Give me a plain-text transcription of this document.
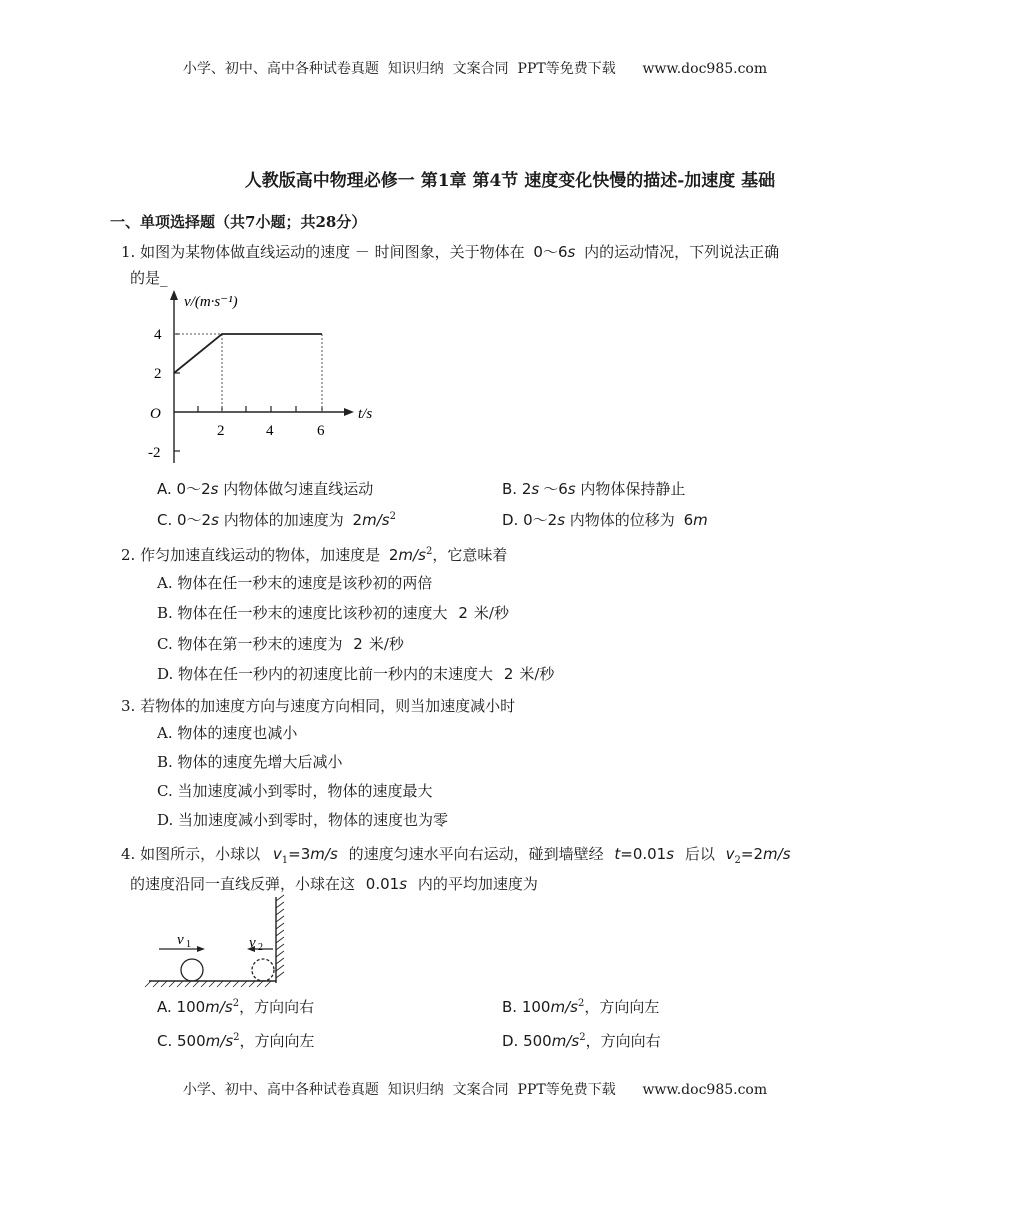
小学、初中、高中各种试卷真题  知识归纳  文案合同  PPT等免费下载      www.doc985.com
人教版高中物理必修一 第1章 第4节 速度变化快慢的描述-加速度 基础
一、单项选择题（共7小题；共28分）
1. 如图为某物体做直线运动的速度 － 时间图象，关于物体在 0～6s 内的运动情况，下列说法正确
的是_
v/(m·s⁻¹)
t/s
O
4
2
-2
2	4	6
A. 0～2s 内物体做匀速直线运动	B. 2s ～6s 内物体保持静止
C. 0～2s 内物体的加速度为 $2m/s^2$	D. 0～2s 内物体的位移为 6m
2. 作匀加速直线运动的物体，加速度是 $2m/s^2$，它意味着
A. 物体在任一秒末的速度是该秒初的两倍
B. 物体在任一秒末的速度比该秒初的速度大 2 米/秒
C. 物体在第一秒末的速度为 2 米/秒
D. 物体在任一秒内的初速度比前一秒内的末速度大 2 米/秒
3. 若物体的加速度方向与速度方向相同，则当加速度减小时
A. 物体的速度也减小
B. 物体的速度先增大后减小
C. 当加速度减小到零时，物体的速度最大
D. 当加速度减小到零时，物体的速度也为零
4. 如图所示，小球以 $v_1=3m/s$ 的速度匀速水平向右运动，碰到墙壁经 t=0.01s 后以 $v_2=2m/s$
的速度沿同一直线反弹，小球在这 0.01s 内的平均加速度为
v 1	v 2
A. $100m/s^2$，方向向右	B. $100m/s^2$，方向向左
C. $500m/s^2$，方向向左	D. $500m/s^2$，方向向右
小学、初中、高中各种试卷真题  知识归纳  文案合同  PPT等免费下载      www.doc985.com
